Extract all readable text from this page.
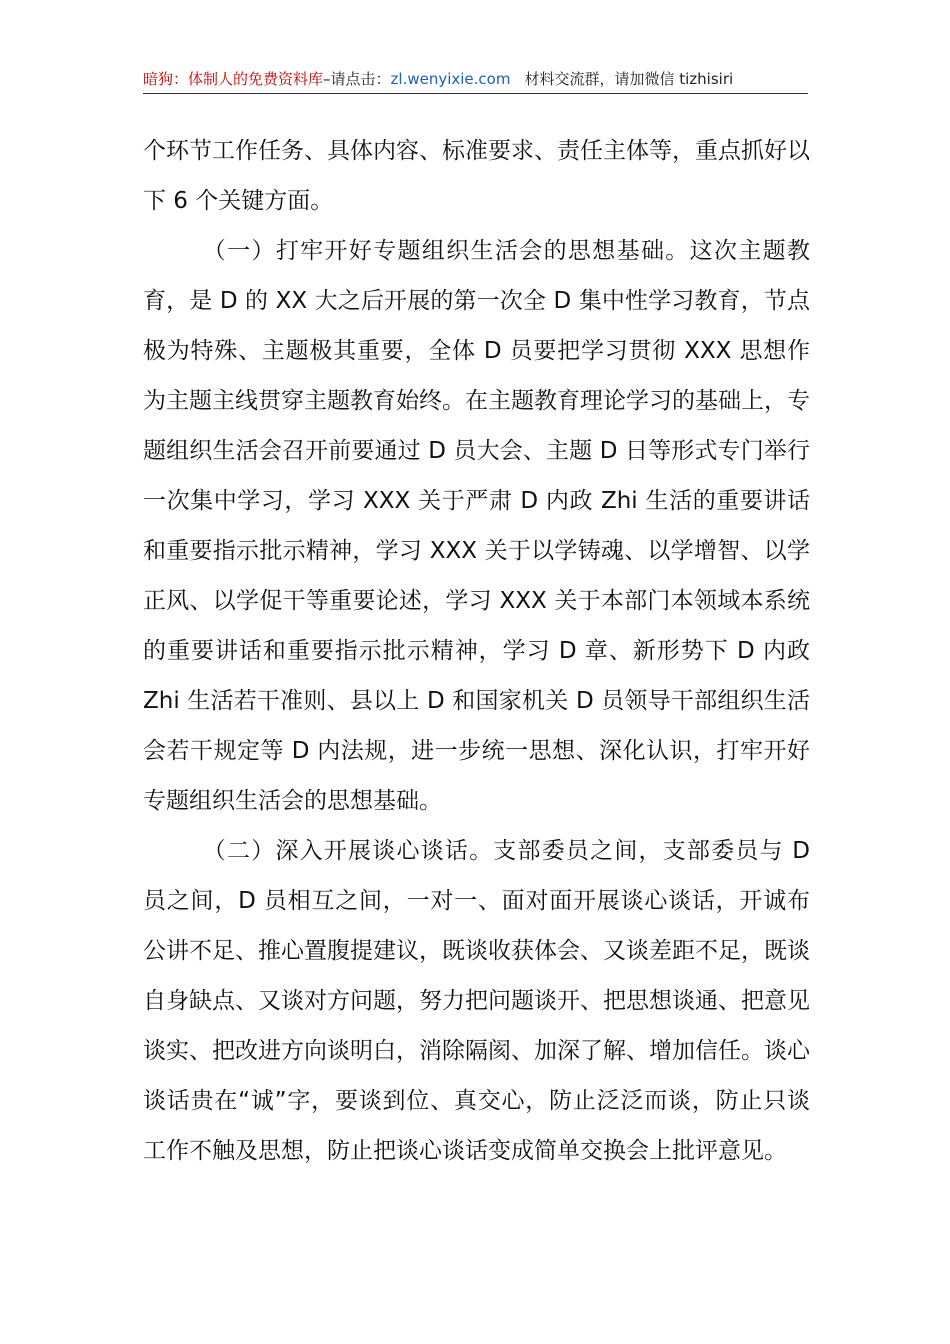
暗狗：体制人的免费资料库–请点击：zl.wenyixie.com 材料交流群，请加微信 tizhisiri

个环节工作任务、具体内容、标准要求、责任主体等，重点抓好以下 6 个关键方面。

（一）打牢开好专题组织生活会的思想基础。这次主题教育，是 D 的 XX 大之后开展的第一次全 D 集中性学习教育，节点极为特殊、主题极其重要，全体 D 员要把学习贯彻 XXX 思想作为主题主线贯穿主题教育始终。在主题教育理论学习的基础上，专题组织生活会召开前要通过 D 员大会、主题 D 日等形式专门举行一次集中学习，学习 XXX 关于严肃 D 内政 Zhi 生活的重要讲话和重要指示批示精神，学习 XXX 关于以学铸魂、以学增智、以学正风、以学促干等重要论述，学习 XXX 关于本部门本领域本系统的重要讲话和重要指示批示精神，学习 D 章、新形势下 D 内政 Zhi 生活若干准则、县以上 D 和国家机关 D 员领导干部组织生活会若干规定等 D 内法规，进一步统一思想、深化认识，打牢开好专题组织生活会的思想基础。

（二）深入开展谈心谈话。支部委员之间，支部委员与 D 员之间，D 员相互之间，一对一、面对面开展谈心谈话，开诚布公讲不足、推心置腹提建议，既谈收获体会、又谈差距不足，既谈自身缺点、又谈对方问题，努力把问题谈开、把思想谈通、把意见谈实、把改进方向谈明白，消除隔阂、加深了解、增加信任。谈心谈话贵在“诚”字，要谈到位、真交心，防止泛泛而谈，防止只谈工作不触及思想，防止把谈心谈话变成简单交换会上批评意见。
